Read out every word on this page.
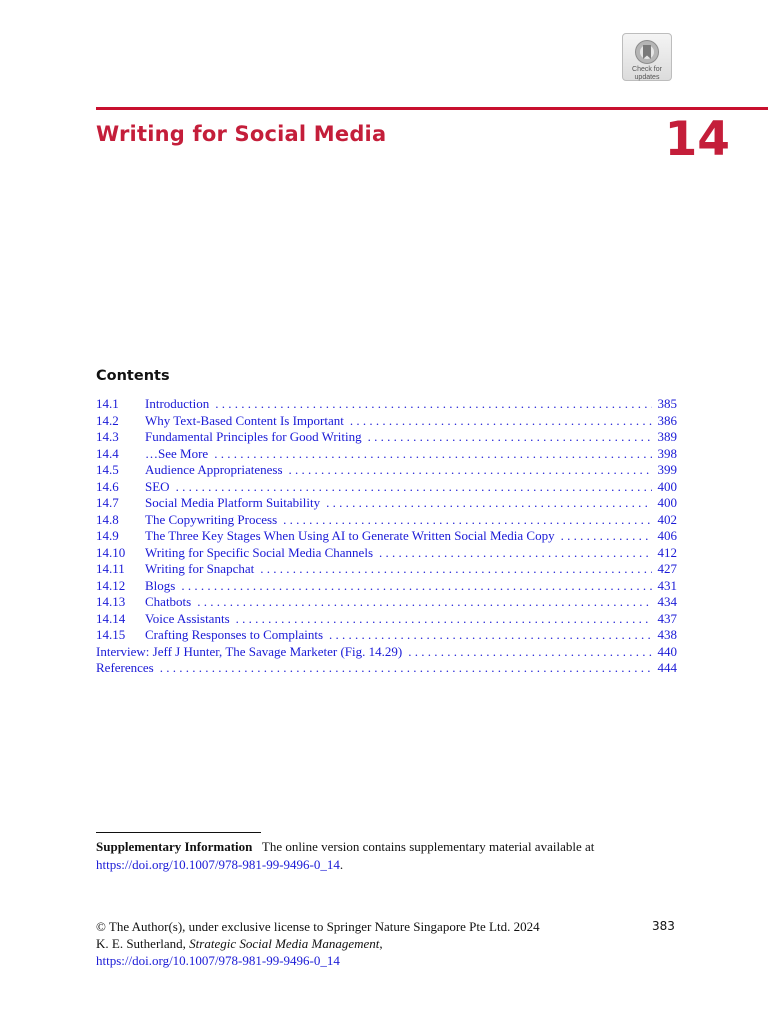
Check for
updates
Writing for Social Media	14
Contents
14.1	Introduction . . .	385
14.2	Why Text-Based Content Is Important . . .	386
14.3	Fundamental Principles for Good Writing . . .	389
14.4	…See More . . .	398
14.5	Audience Appropriateness . . .	399
14.6	SEO . . .	400
14.7	Social Media Platform Suitability . . .	400
14.8	The Copywriting Process . . .	402
14.9	The Three Key Stages When Using AI to Generate Written Social Media Copy . . .	406
14.10	Writing for Specific Social Media Channels . . .	412
14.11	Writing for Snapchat . . .	427
14.12	Blogs . . .	431
14.13	Chatbots . . .	434
14.14	Voice Assistants . . .	437
14.15	Crafting Responses to Complaints . . .	438
Interview: Jeff J Hunter, The Savage Marketer (Fig. 14.29) . . .	440
References . . .	444
Supplementary Information The online version contains supplementary material available at
https://doi.org/10.1007/978-981-99-9496-0_14.
© The Author(s), under exclusive license to Springer Nature Singapore Pte Ltd. 2024
K. E. Sutherland, Strategic Social Media Management,
https://doi.org/10.1007/978-981-99-9496-0_14
383
